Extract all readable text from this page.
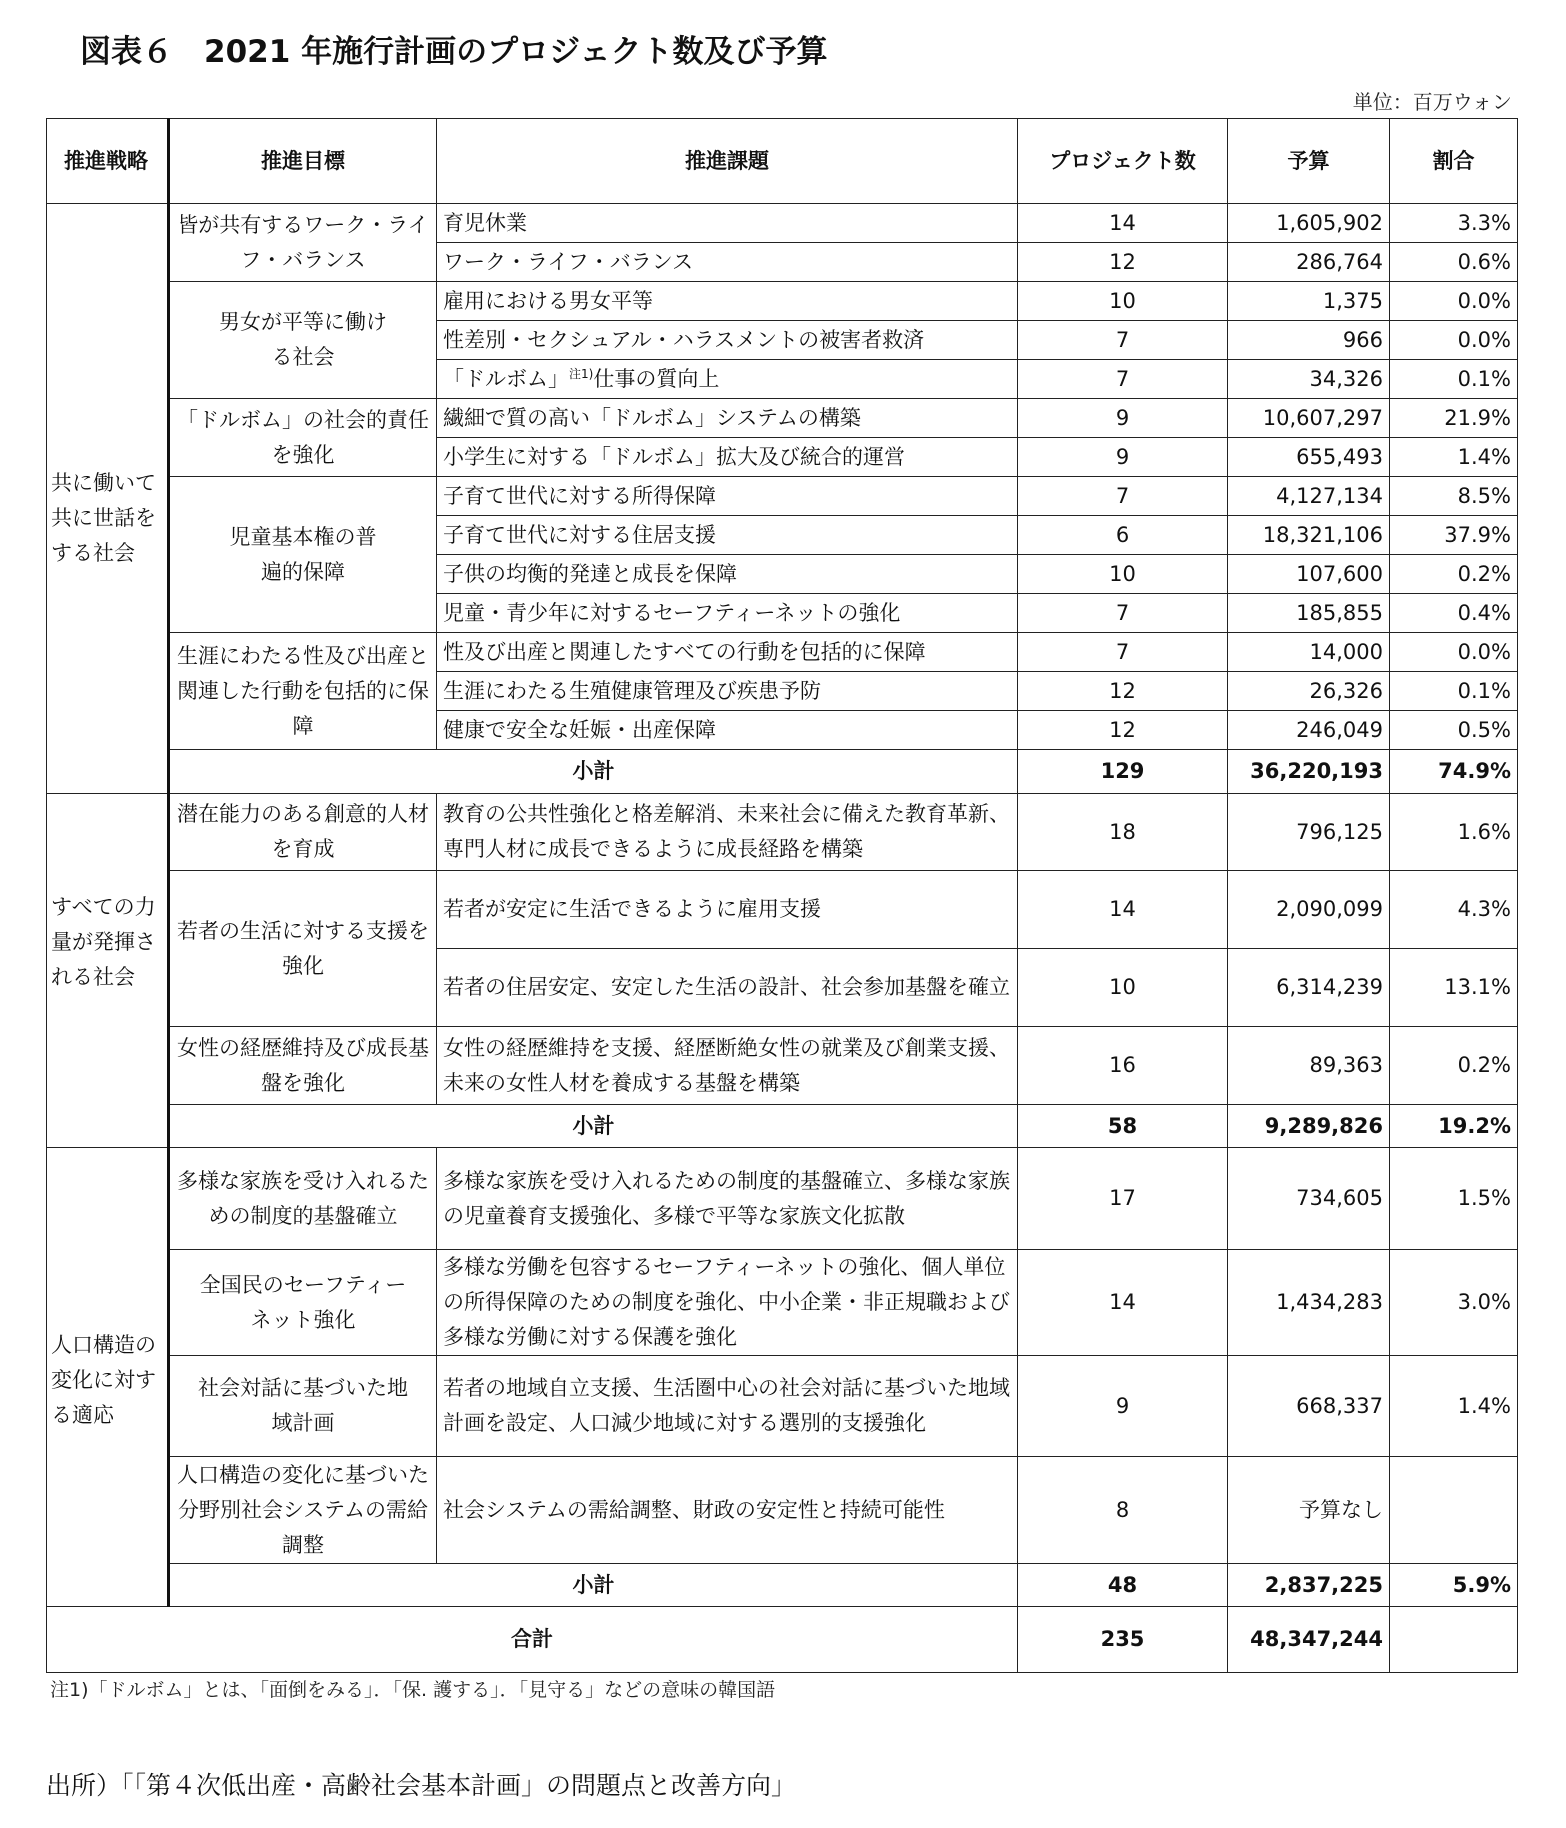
図表６　2021 年施行計画のプロジェクト数及び予算
単位：百万ウォン
推進戦略	推進目標	推進課題	プロジェクト数	予算	割合
共に働いて共に世話をする社会	皆が共有するワーク・ライフ・バランス	育児休業	14	1,605,902	3.3%
		ワーク・ライフ・バランス	12	286,764	0.6%
	男女が平等に働ける社会	雇用における男女平等	10	1,375	0.0%
		性差別・セクシュアル・ハラスメントの被害者救済	7	966	0.0%
		「ドルボム」$^{注1)}$仕事の質向上	7	34,326	0.1%
	「ドルボム」の社会的責任を強化	繊細で質の高い「ドルボム」システムの構築	9	10,607,297	21.9%
		小学生に対する「ドルボム」拡大及び統合的運営	9	655,493	1.4%
	児童基本権の普遍的保障	子育て世代に対する所得保障	7	4,127,134	8.5%
		子育て世代に対する住居支援	6	18,321,106	37.9%
		子供の均衡的発達と成長を保障	10	107,600	0.2%
		児童・青少年に対するセーフティーネットの強化	7	185,855	0.4%
	生涯にわたる性及び出産と関連した行動を包括的に保障	性及び出産と関連したすべての行動を包括的に保障	7	14,000	0.0%
		生涯にわたる生殖健康管理及び疾患予防	12	26,326	0.1%
		健康で安全な妊娠・出産保障	12	246,049	0.5%
	小計		129	36,220,193	74.9%
すべての力量が発揮される社会	潜在能力のある創意的人材を育成	教育の公共性強化と格差解消、未来社会に備えた教育革新、専門人材に成長できるように成長経路を構築	18	796,125	1.6%
	若者の生活に対する支援を強化	若者が安定に生活できるように雇用支援	14	2,090,099	4.3%
		若者の住居安定、安定した生活の設計、社会参加基盤を確立	10	6,314,239	13.1%
	女性の経歴維持及び成長基盤を強化	女性の経歴維持を支援、経歴断絶女性の就業及び創業支援、未来の女性人材を養成する基盤を構築	16	89,363	0.2%
	小計		58	9,289,826	19.2%
人口構造の変化に対する適応	多様な家族を受け入れるための制度的基盤確立	多様な家族を受け入れるための制度的基盤確立、多様な家族の児童養育支援強化、多様で平等な家族文化拡散	17	734,605	1.5%
	全国民のセーフティーネット強化	多様な労働を包容するセーフティーネットの強化、個人単位の所得保障のための制度を強化、中小企業・非正規職および多様な労働に対する保護を強化	14	1,434,283	3.0%
	社会対話に基づいた地域計画	若者の地域自立支援、生活圏中心の社会対話に基づいた地域計画を設定、人口減少地域に対する選別的支援強化	9	668,337	1.4%
	人口構造の変化に基づいた分野別社会システムの需給調整	社会システムの需給調整、財政の安定性と持続可能性	8	予算なし	
	小計		48	2,837,225	5.9%
合計			235	48,347,244	
注1)「ドルボム」とは、「面倒をみる」．「保. 護する」．「見守る」などの意味の韓国語
出所）「「第４次低出産・高齢社会基本計画」の問題点と改善方向」
